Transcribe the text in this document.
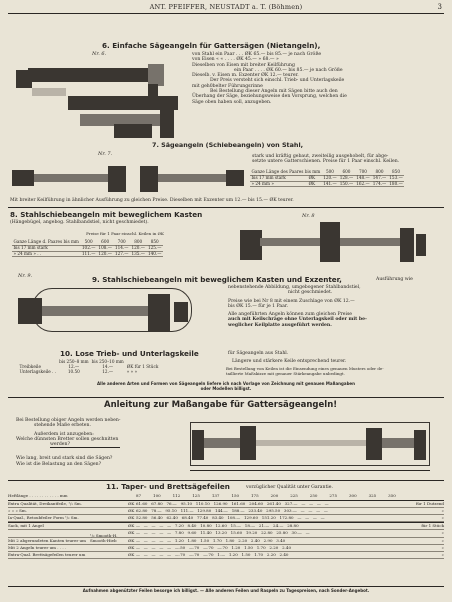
ANT. PFEIFFER, NEUSTADT a. T. (Böhmen)	3
Nr. 6.
6. Einfache Sägeangeln für Gattersägen (Nietangeln),
von Stahl ein Paar . . . ØK 65.— bis 85.— je nach Größe
von Eisen « « . . . . ØK 45.— » 68.— »
Dieselben von Eisen mit breiter Keilführung
ein Paar . . . . ØK 60.— bis 85.— je nach Größe
Dieselb. v. Eisen m. Exzenter ØK 12.— teurer.
Der Preis versteht sich einschl. Trieb- und Unterlagskeile
mit geh0belter Führungsrinne
Bei Bestellung dieser Angeln mit Sägen bitte auch den
Überhang der Säge, beziehungsweise den Vorsprung, welchen die
Säge oben haben soll, anzugeben.
7. Sägeangeln (Schiebeangeln) von Stahl,
Nr. 7.	stark und kräftig gebaut, zweiteilig ausgehobelt, für abge-
setzte untere Gatterschienen. Preise für 1 Paar einschl. Keilen.
Ganze Länge des Paares bis mm		500	600	700	800	850
bis 17 mm stark	ØK	120.—	128.—	148.—	147.—	153.—
» 24 mm »	ØK	141.—	150.—	162.—	174.—	180.—
Mit breiter Keilführung in ähnlicher Ausführung zu gleichen Preise. Dieselben mit Exzenter um 12.— bis 15.— ØK teurer.
8. Stahlschiebeangeln mit beweglichem Kasten
(Hängebügel, angebog. Stahlbandstiel, nicht geschmiedet).
Preise für 1 Paar einschl. Keilen in ØK
Ganze Länge d. Paares bis mm	500	600	700	800	850
bis 17 mm stark	102.—	108.—	114.—	120.—	125.—
» 24 mm » . .	111.—	120.—	127.—	135.—	140.—
Nr. 8
Nr. 9.	9. Stahlschiebeangeln mit beweglichem Kasten und Exzenter,	Ausführung wie
nebenstehende Abbildung, umgebogener Stahlbandstiel,
nicht geschmiedet.
Preise wie bei Nr 8 mit einem Zuschlage von ØK 12.—
bis ØK 15.— für je 1 Paar.
Alle angeführten Angeln können zum gleichen Preise
auch mit Keilschräge ohne Unterlagskeil oder mit be-
weglicher Keilplatte ausgeführt werden.
10. Lose Trieb- und Unterlagskeile	für Sägeangeln aus Stahl.
	bis 250–8 mm	bis 250–10 mm	
Treibkeile	12.—	14.—	ØK für 1 Stück
Unterlagskeile . .	10.50	12.—	» » »
Längere und stärkere Keile entsprechend teurer.
Bei Bestellung von Keilen ist die Einsendung eines genauen Musters oder de-
taillierte Maßskizze mit genauer Stärkeangabe unbedingt.
Alle anderen Arten und Formen von Sägeangeln liefere ich nach Vorlage von Zeichnung mit genauen Maßangaben
oder Modellen billigst.
Anleitung zur Maßangabe für Gattersägeangeln!
Bei Bestellung obiger Angeln werden neben-
stehende Maße erbeten.
Außerdem ist anzugeben:
Welche dünnsten Bretter sollen geschnitten
werden?
Wie lang, breit und stark sind die Sägen?
Wie ist die Belastung an den Sägen?
11. Taper- und Brettsägefeilen	vorzüglicher Qualität unter Garantie.
Heftlänge . . . . . . . . . . . . mm	87	100	112	125	137	150	175	200	225	250	275	300	325	350
Extra Qualität, Dreikantfeile, ¹/₂ Sm.	ØK 61.60 67.80 76.— 95.10 110.10 126.90 161.60 204.60 261.40 327.— — — — —	für 1 Dutzend
» » » Sm.	ØK 62.80 78.— 95.10 111.— 129.80 144.— 188.— 233.40 295.50 303.— — — — —	»
Ia-Qual., Retoubfeiler Form ¹/₂ Sm.	ØK 52.80 56.40 62.40 68.40 77.40 83.40 108.— 129.60 151.20 172.80 — — — —	»
Sack, mit 1 Angel	ØK — — — — — 7.20 8.40 10.80 12.60 15.— 18.— 21.— 24.— 28.80	für 1 Stück
ØK — — — — — 7.80 9.60 11.40 13.20 15.60 19.20 22.80 25.80 30.— —	»
Mit 2 abgerundeten Kanten teurer um	ØK — — — — — 1.20 1.80 1.50 1.70 1.80 2.20 2.40 2.90 3.40	»
Mit 2 Angeln teurer um . . . .	ØK — — — — — —.50 —.70 —.70 —.70 1.20 1.50 1.70 2.20 2.40	»
Extra-Qual. Brettsägefeilen teurer um	ØK — — — — — —.70 —.70 —.70 1.— 1.20 1.50 1.70 2.20 2.40	»
¹/₂ Smooth-H.
Smooth-Hieb
Aufnahmen abgenützter Feilen besorge ich billigst. — Alle anderen Feilen und Raspeln zu Tagespreisen, nach Sonder-Angebot.
